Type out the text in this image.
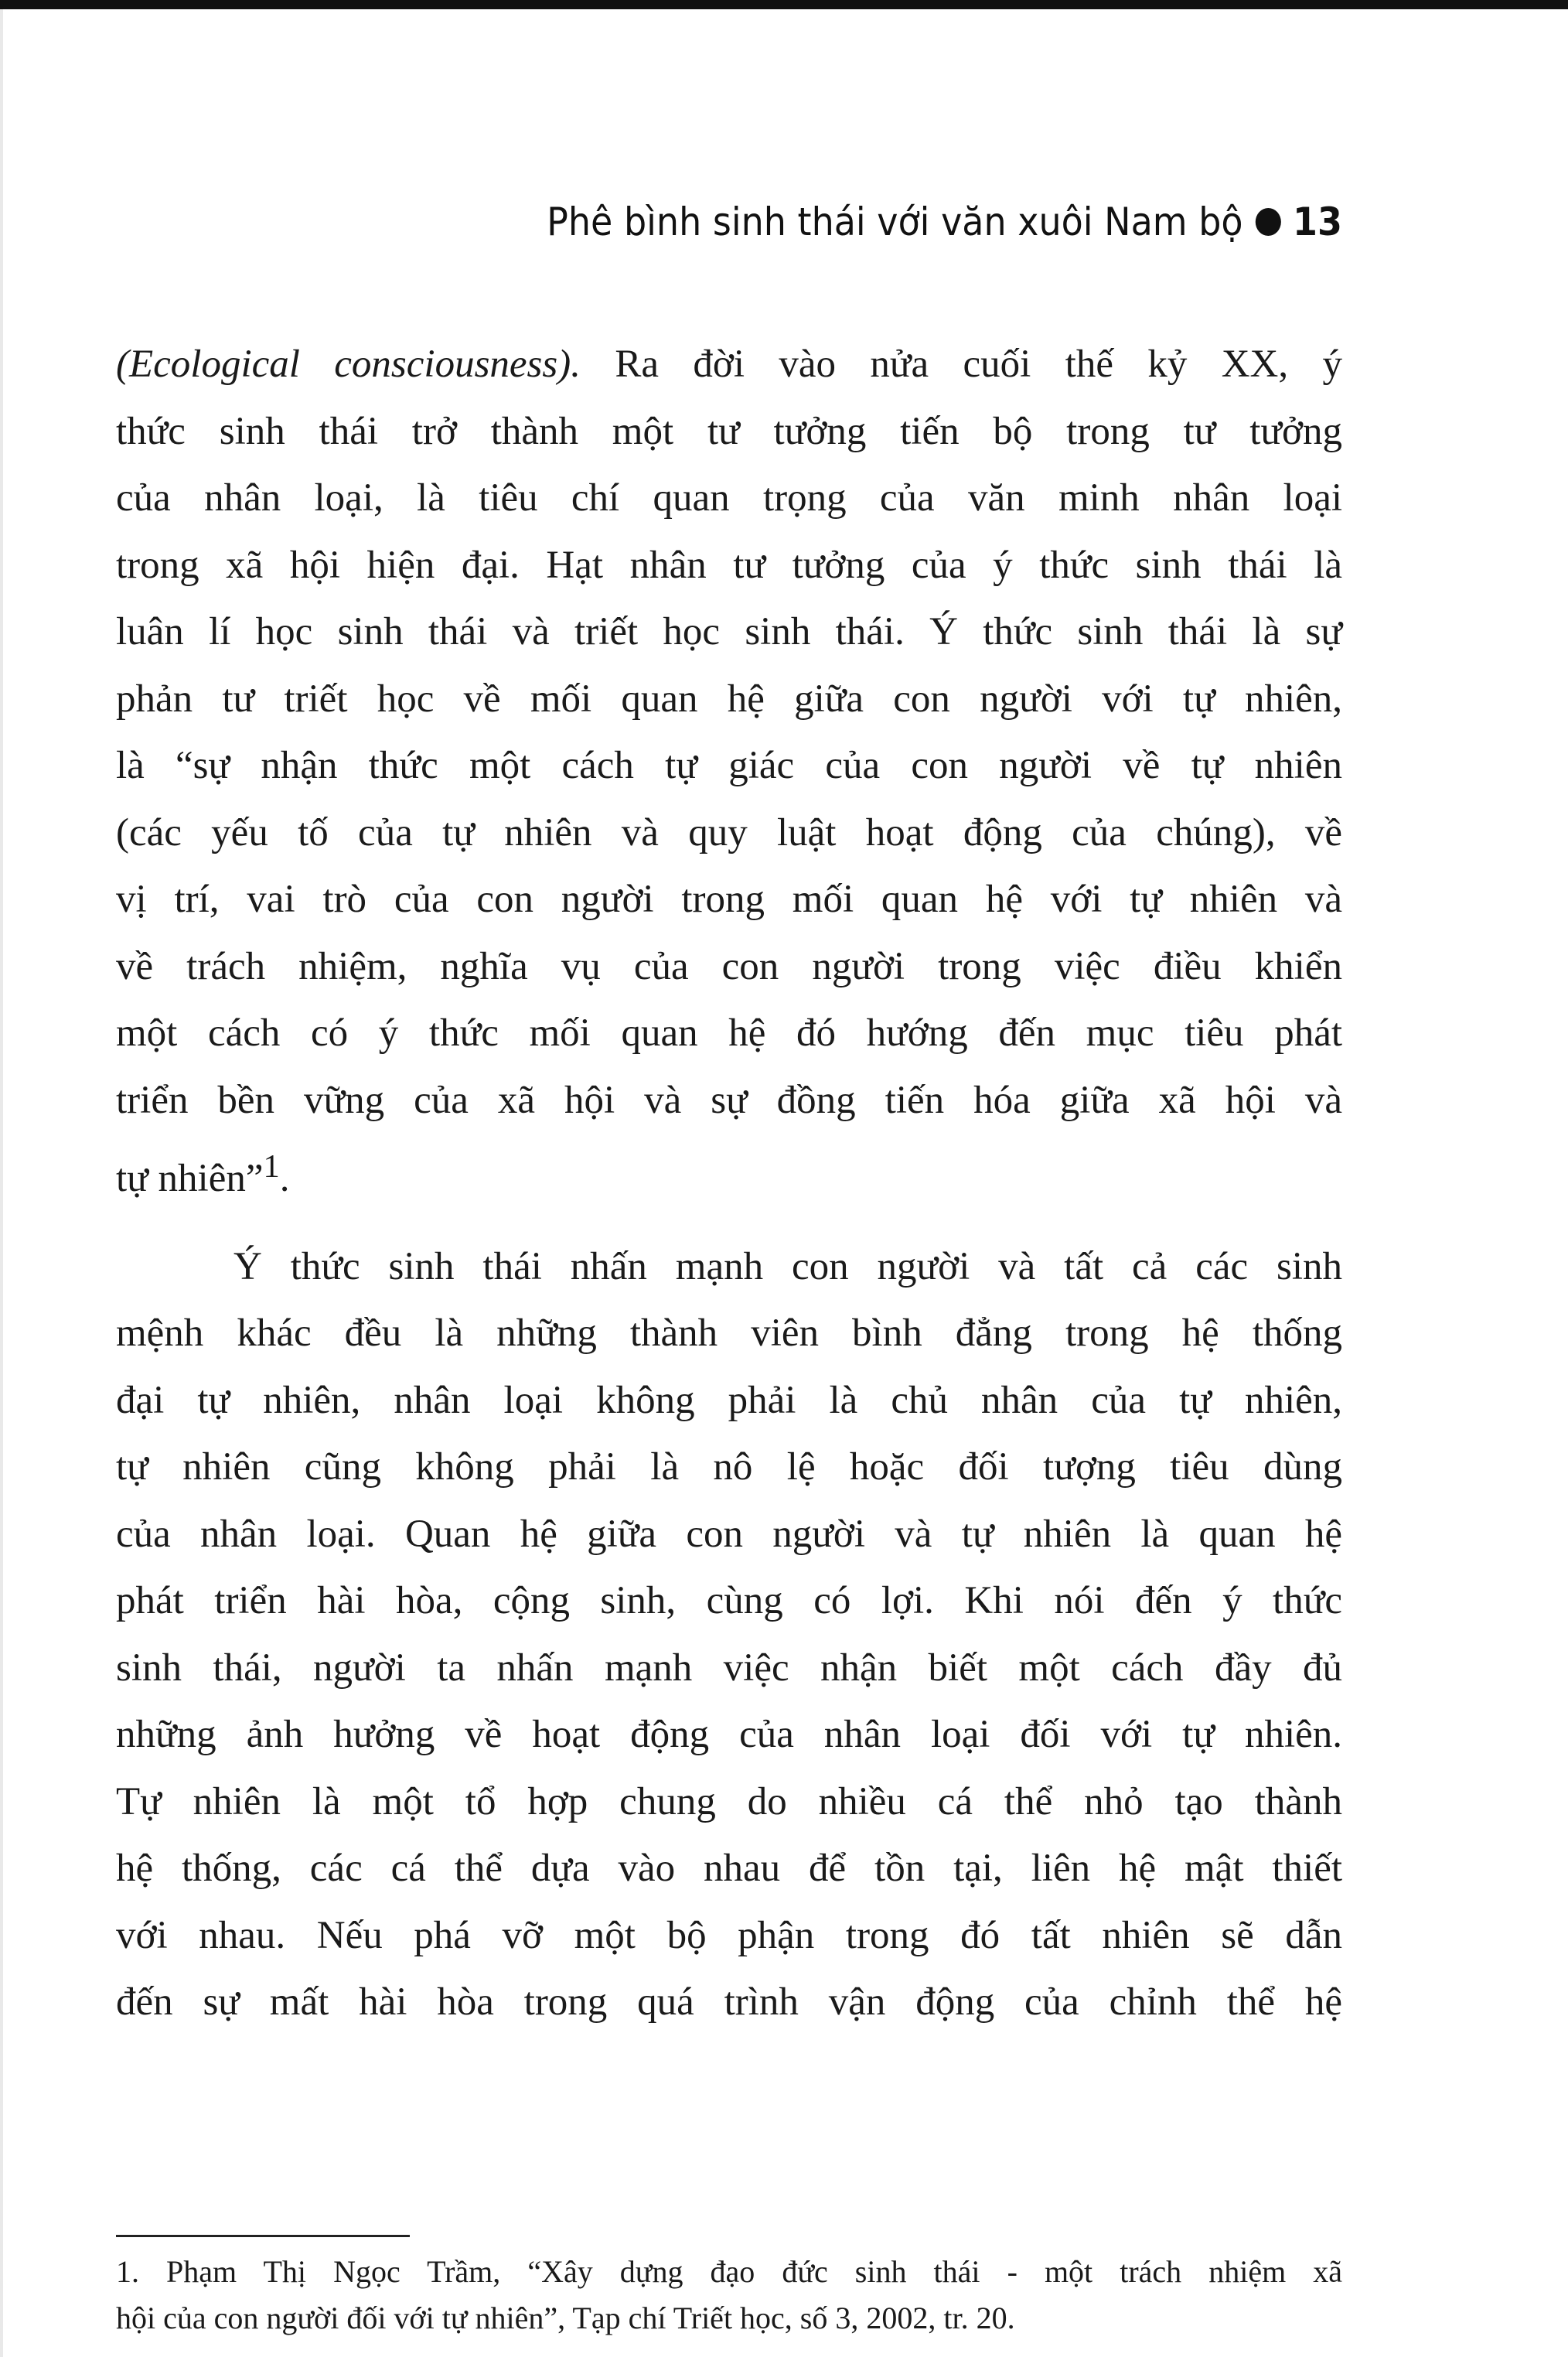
Phê bình sinh thái với văn xuôi Nam bộ 13
(Ecological consciousness). Ra đời vào nửa cuối thế kỷ XX, ý
thức sinh thái trở thành một tư tưởng tiến bộ trong tư tưởng
của nhân loại, là tiêu chí quan trọng của văn minh nhân loại
trong xã hội hiện đại. Hạt nhân tư tưởng của ý thức sinh thái là
luân lí học sinh thái và triết học sinh thái. Ý thức sinh thái là sự
phản tư triết học về mối quan hệ giữa con người với tự nhiên,
là “sự nhận thức một cách tự giác của con người về tự nhiên
(các yếu tố của tự nhiên và quy luật hoạt động của chúng), về
vị trí, vai trò của con người trong mối quan hệ với tự nhiên và
về trách nhiệm, nghĩa vụ của con người trong việc điều khiển
một cách có ý thức mối quan hệ đó hướng đến mục tiêu phát
triển bền vững của xã hội và sự đồng tiến hóa giữa xã hội và
tự nhiên”$^1$.
Ý thức sinh thái nhấn mạnh con người và tất cả các sinh
mệnh khác đều là những thành viên bình đẳng trong hệ thống
đại tự nhiên, nhân loại không phải là chủ nhân của tự nhiên,
tự nhiên cũng không phải là nô lệ hoặc đối tượng tiêu dùng
của nhân loại. Quan hệ giữa con người và tự nhiên là quan hệ
phát triển hài hòa, cộng sinh, cùng có lợi. Khi nói đến ý thức
sinh thái, người ta nhấn mạnh việc nhận biết một cách đầy đủ
những ảnh hưởng về hoạt động của nhân loại đối với tự nhiên.
Tự nhiên là một tổ hợp chung do nhiều cá thể nhỏ tạo thành
hệ thống, các cá thể dựa vào nhau để tồn tại, liên hệ mật thiết
với nhau. Nếu phá vỡ một bộ phận trong đó tất nhiên sẽ dẫn
đến sự mất hài hòa trong quá trình vận động của chỉnh thể hệ
1. Phạm Thị Ngọc Trầm, “Xây dựng đạo đức sinh thái - một trách nhiệm xã
hội của con người đối với tự nhiên”, Tạp chí Triết học, số 3, 2002, tr. 20.
